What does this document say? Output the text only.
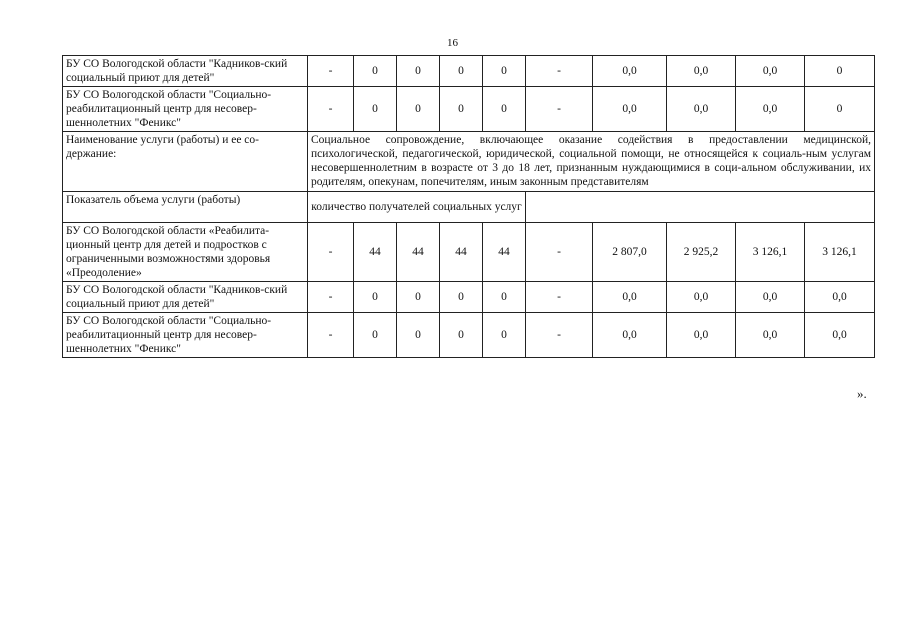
16
БУ СО Вологодской области "Кадников-ский социальный приют для детей"	-	0	0	0	0	-	0,0	0,0	0,0	0
БУ СО Вологодской области "Социально-реабилитационный центр для несовер-шеннолетних "Феникс"	-	0	0	0	0	-	0,0	0,0	0,0	0
Наименование услуги (работы) и ее со-держание:	Социальное сопровождение, включающее оказание содействия в предоставлении медицинской, психологической, педагогической, юридической, социальной помощи, не относящейся к социаль-ным услугам несовершеннолетним в возрасте от 3 до 18 лет, признанным нуждающимися в соци-альном обслуживании, их родителям, опекунам, попечителям, иным законным представителям									
Показатель объема услуги (работы)	количество получателей социальных услуг									
БУ СО Вологодской области «Реабилита-ционный центр для детей и подростков с ограниченными возможностями здоровья «Преодоление»	-	44	44	44	44	-	2 807,0	2 925,2	3 126,1	3 126,1
БУ СО Вологодской области "Кадников-ский социальный приют для детей"	-	0	0	0	0	-	0,0	0,0	0,0	0,0
БУ СО Вологодской области "Социально-реабилитационный центр для несовер-шеннолетних "Феникс"	-	0	0	0	0	-	0,0	0,0	0,0	0,0
».
